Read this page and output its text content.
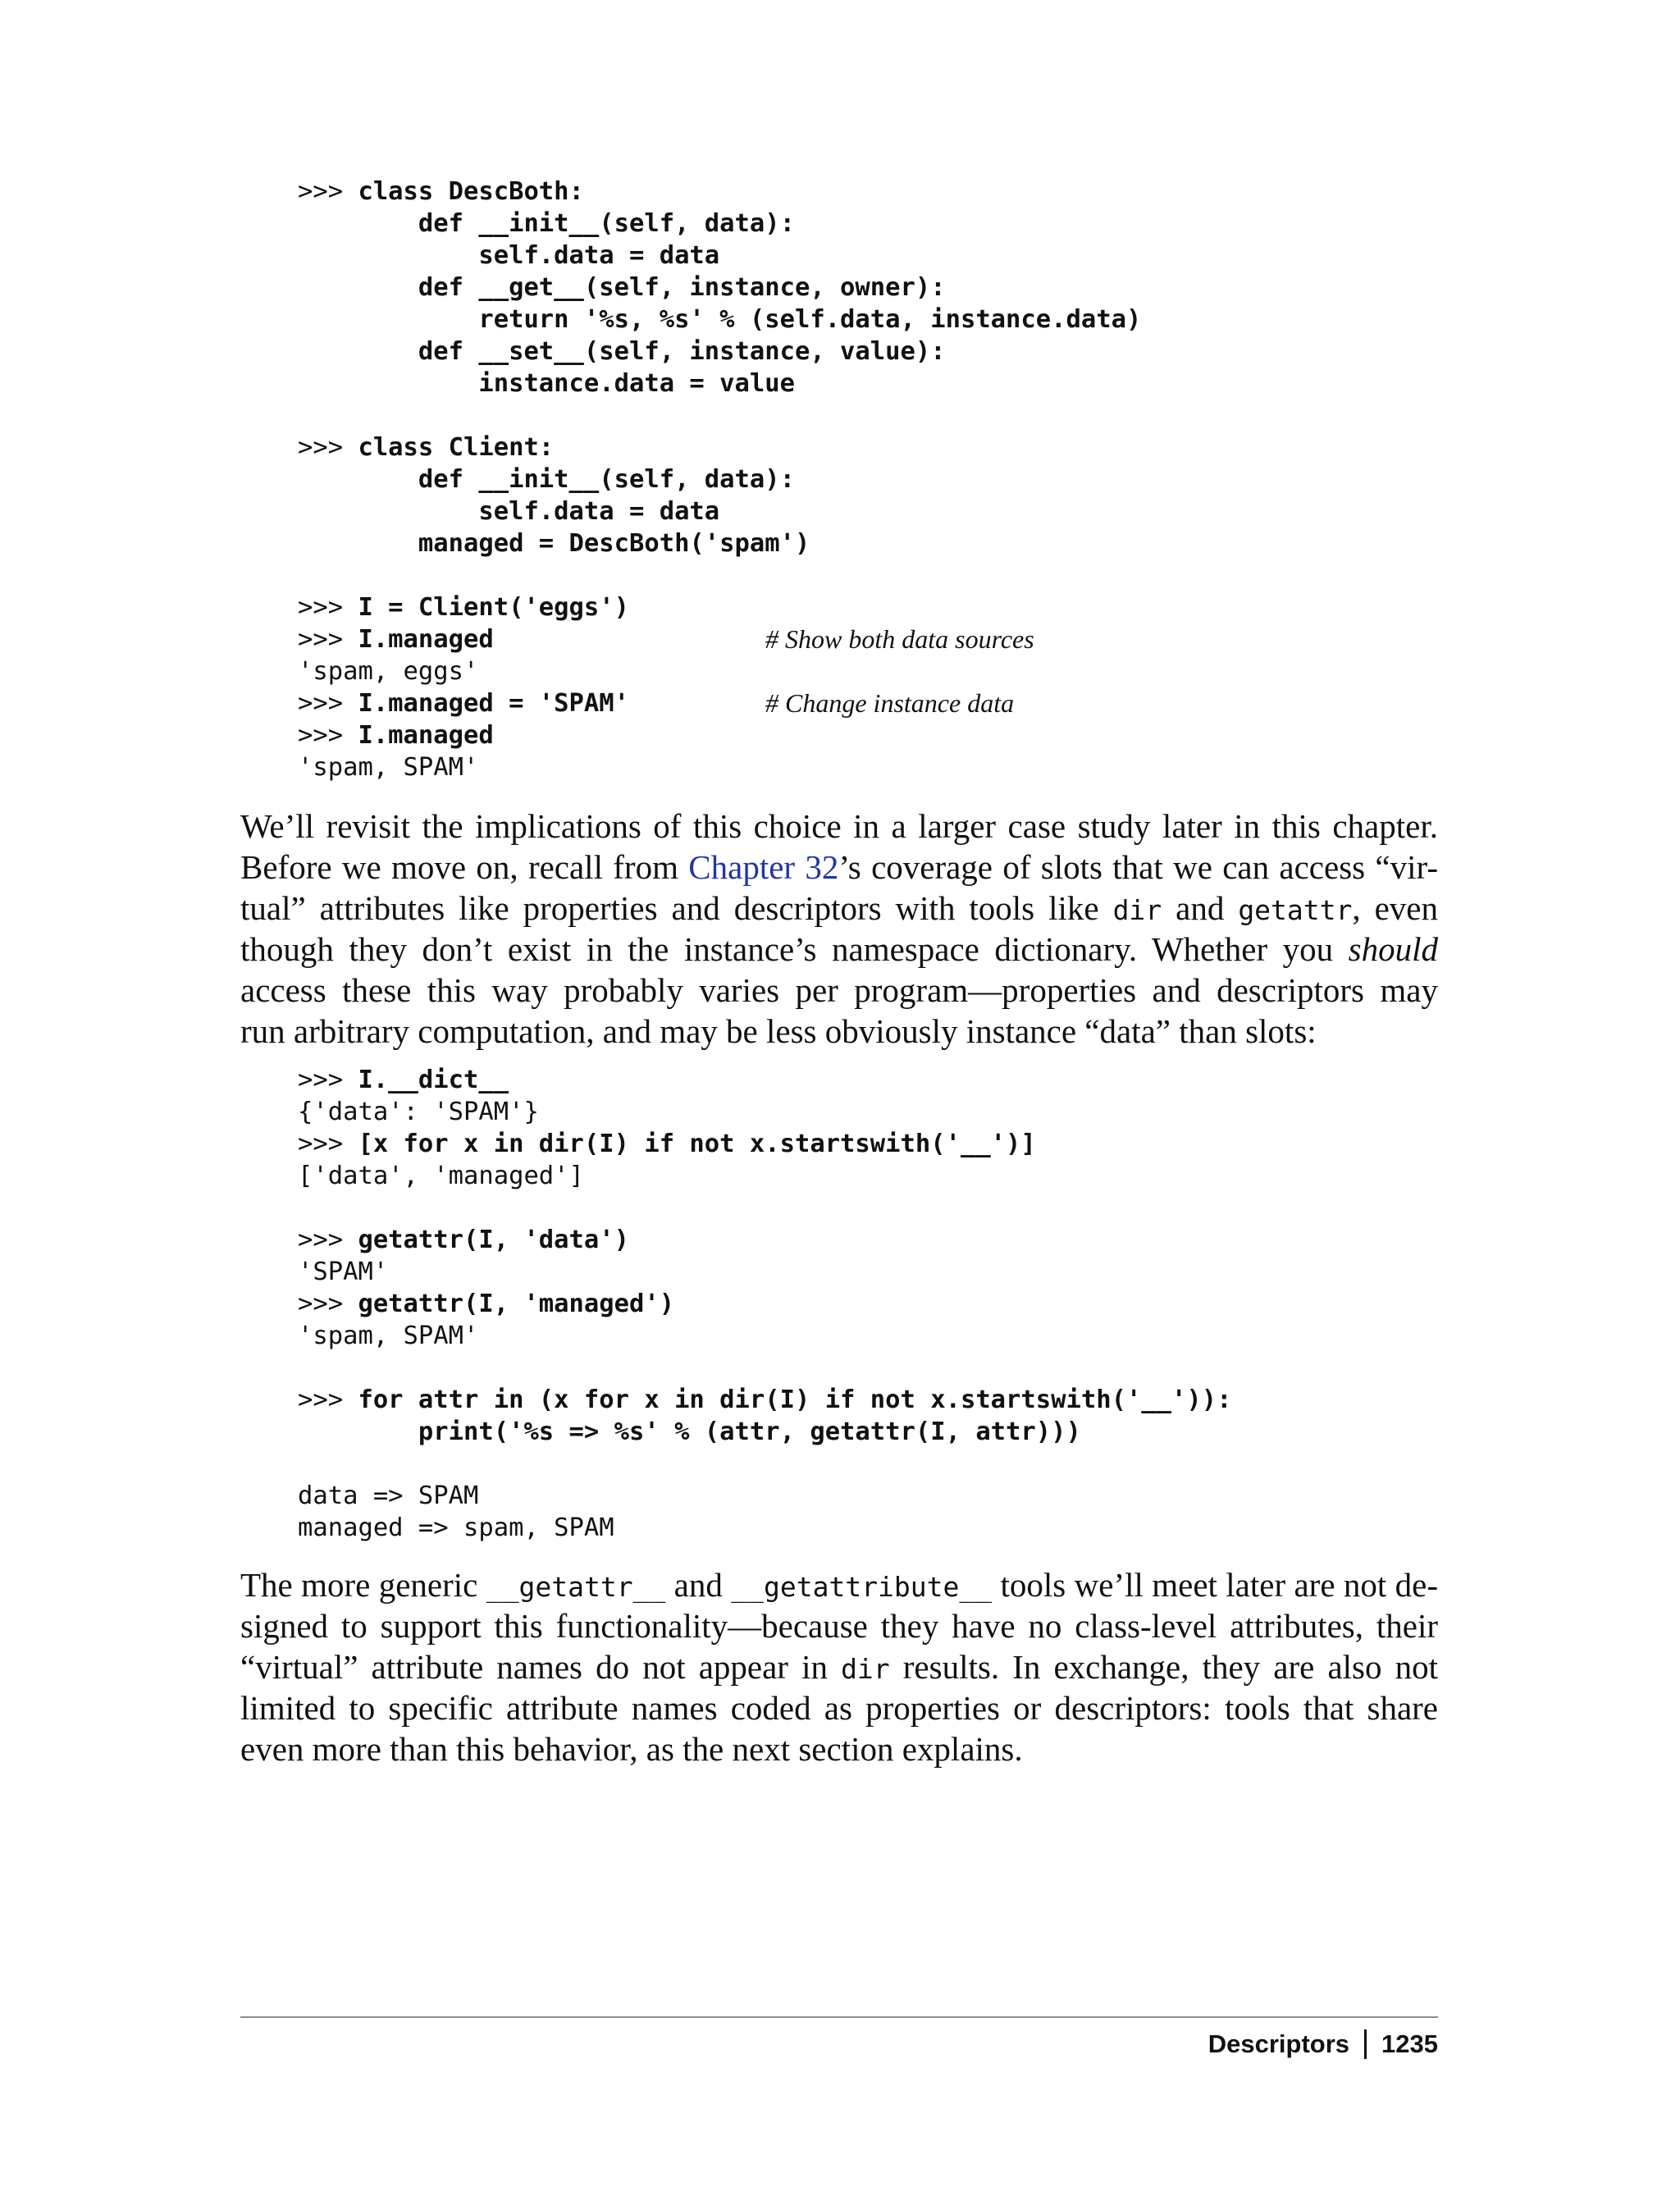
>>> class DescBoth:
def __init__(self, data):
self.data = data
def __get__(self, instance, owner):
return '%s, %s' % (self.data, instance.data)
def __set__(self, instance, value):
instance.data = value
>>> class Client:
def __init__(self, data):
self.data = data
managed = DescBoth('spam')
>>> I = Client('eggs')
>>> I.managed	# Show both data sources
'spam, eggs'
>>> I.managed = 'SPAM'	# Change instance data
>>> I.managed
'spam, SPAM'
We’ll revisit the implications of this choice in a larger case study later in this chapter.
Before we move on, recall from Chapter 32’s coverage of slots that we can access “vir-
tual” attributes like properties and descriptors with tools like dir and getattr, even
though they don’t exist in the instance’s namespace dictionary. Whether you should
access these this way probably varies per program—properties and descriptors may
run arbitrary computation, and may be less obviously instance “data” than slots:
>>> I.__dict__
{'data': 'SPAM'}
>>> [x for x in dir(I) if not x.startswith('__')]
['data', 'managed']
>>> getattr(I, 'data')
'SPAM'
>>> getattr(I, 'managed')
'spam, SPAM'
>>> for attr in (x for x in dir(I) if not x.startswith('__')):
print('%s => %s' % (attr, getattr(I, attr)))
data => SPAM
managed => spam, SPAM
The more generic __getattr__ and __getattribute__ tools we’ll meet later are not de-
signed to support this functionality—because they have no class-level attributes, their
“virtual” attribute names do not appear in dir results. In exchange, they are also not
limited to specific attribute names coded as properties or descriptors: tools that share
even more than this behavior, as the next section explains.
Descriptors 1235
